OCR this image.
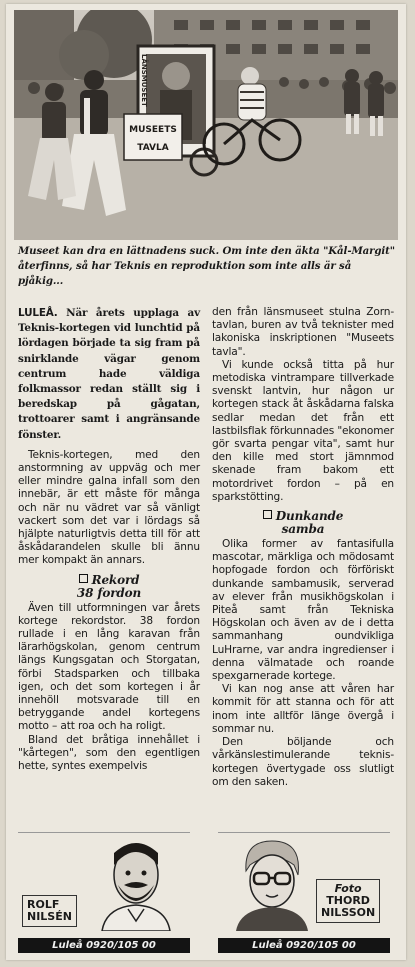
MUSEETS
TAVLA
LÄNSMUSEET
Museet kan dra en lättnadens suck. Om inte den äkta "Kål-Margit" återfinns, så har Teknis en reproduktion som inte alls är så pjåkig...

LULEÅ. När årets upplaga av Teknis-kortegen vid lunchtid på lördagen började ta sig fram på snirklande vägar genom centrum hade väldiga folkmassor redan ställt sig i beredskap på gågatan, trottoarer samt i angränsande fönster.

Teknis-kortegen, med den anstormning av uppväg och mer eller mindre galna infall som den innebär, är ett måste för många och när nu vädret var så vänligt vackert som det var i lördags så hjälpte naturligtvis detta till för att åskådarandelen skulle bli ännu mer kompakt än annars.

Rekord
38 fordon

Även till utformningen var årets kortege rekordstor. 38 fordon rullade i en lång karavan från lärarhögskolan, genom centrum längs Kungsgatan och Storgatan, förbi Stadsparken och tillbaka igen, och det som kortegen i år innehöll motsvarade till en betryggande andel kortegens motto – att roa och ha roligt.

Bland det bråtiga innehållet i "kårtegen", som den egentligen hette, syntes exempelvis

den från länsmuseet stulna Zorn-tavlan, buren av två teknister med lakoniska inskriptionen "Museets tavla".

Vi kunde också titta på hur metodiska vintrampare tillverkade svenskt lantvin, hur någon ur kortegen stack åt åskådarna falska sedlar medan det från ett lastbilsflak förkunnades "ekonomer gör svarta pengar vita", samt hur den kille med stort jämnmod skenade fram bakom ett motordrivet fordon – på en sparkstötting.

Dunkande
samba

Olika former av fantasifulla mascotar, märkliga och mödosamt hopfogade fordon och förföriskt dunkande sambamusik, serverad av elever från musikhögskolan i Piteå samt från Tekniska Högskolan och även av de i detta sammanhang oundvikliga LuHrarne, var andra ingredienser i denna välmatade och roande spexgarnerade kortege.

Vi kan nog anse att våren har kommit för att stanna och för att inom inte alltför länge övergå i sommar nu.

Den böljande och vårkänslestimulerande teknis-kortegen övertygade oss slutligt om den saken.

ROLF
NILSÉN
Luleå 0920/105 00
Foto
THORD
NILSSON
Luleå 0920/105 00
